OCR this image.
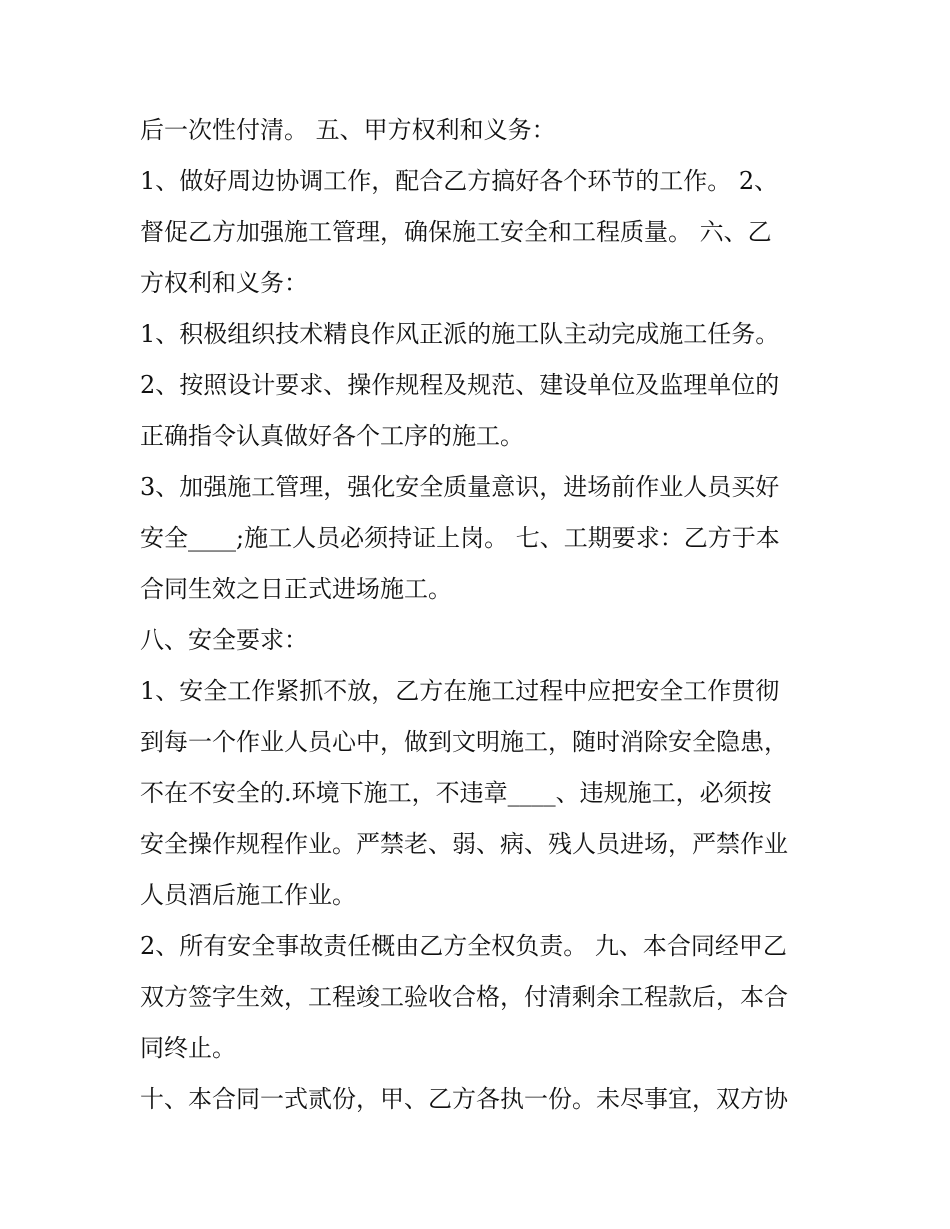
后一次性付清。 五、甲方权利和义务：

1、做好周边协调工作，配合乙方搞好各个环节的工作。 2、

督促乙方加强施工管理，确保施工安全和工程质量。 六、乙

方权利和义务：

1、积极组织技术精良作风正派的施工队主动完成施工任务。

2、按照设计要求、操作规程及规范、建设单位及监理单位的

正确指令认真做好各个工序的施工。

3、加强施工管理，强化安全质量意识，进场前作业人员买好

安全____;施工人员必须持证上岗。 七、工期要求：乙方于本

合同生效之日正式进场施工。

八、安全要求：

1、安全工作紧抓不放，乙方在施工过程中应把安全工作贯彻

到每一个作业人员心中，做到文明施工，随时消除安全隐患，

不在不安全的.环境下施工，不违章____、违规施工，必须按

安全操作规程作业。严禁老、弱、病、残人员进场，严禁作业

人员酒后施工作业。

2、所有安全事故责任概由乙方全权负责。 九、本合同经甲乙

双方签字生效，工程竣工验收合格，付清剩余工程款后，本合

同终止。

十、本合同一式贰份，甲、乙方各执一份。未尽事宜，双方协
